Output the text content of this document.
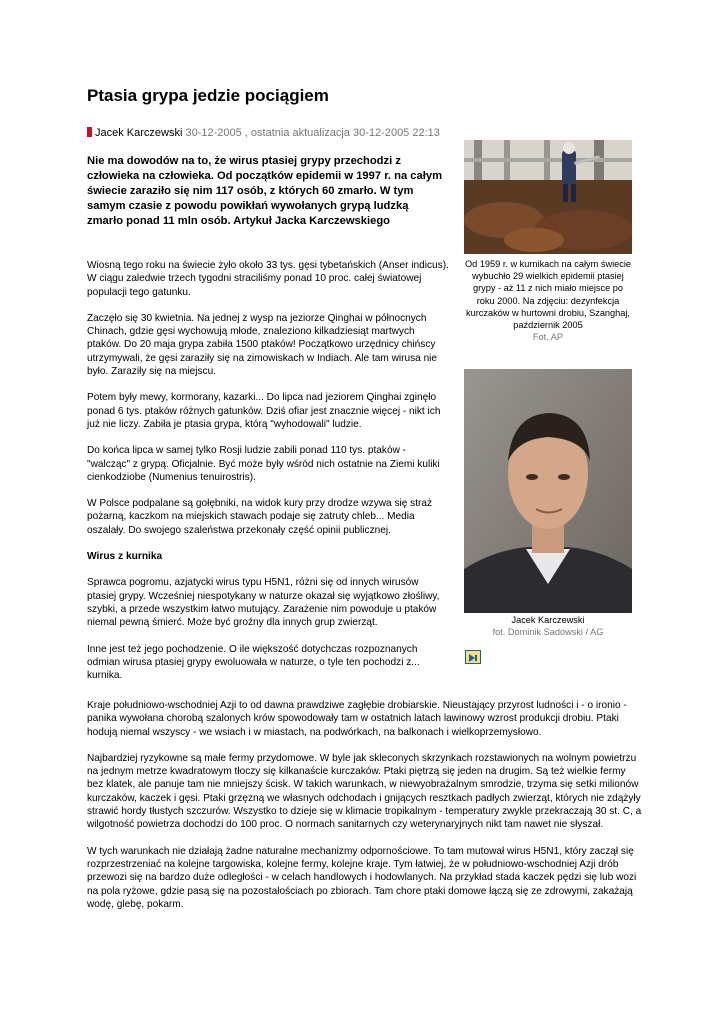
Ptasia grypa jedzie pociągiem
Jacek Karczewski 30-12-2005 , ostatnia aktualizacja 30-12-2005 22:13
Nie ma dowodów na to, że wirus ptasiej grypy przechodzi z człowieka na człowieka. Od początków epidemii w 1997 r. na całym świecie zaraziło się nim 117 osób, z których 60 zmarło. W tym samym czasie z powodu powikłań wywołanych grypą ludzką zmarło ponad 11 mln osób. Artykuł Jacka Karczewskiego

Wiosną tego roku na świecie żyło około 33 tys. gęsi tybetańskich (Anser indicus). W ciągu zaledwie trzech tygodni straciliśmy ponad 10 proc. całej światowej populacji tego gatunku.

Zaczęło się 30 kwietnia. Na jednej z wysp na jeziorze Qinghai w północnych Chinach, gdzie gęsi wychowują młode, znaleziono kilkadziesiąt martwych ptaków. Do 20 maja grypa zabiła 1500 ptaków! Początkowo urzędnicy chińscy utrzymywali, że gęsi zaraziły się na zimowiskach w Indiach. Ale tam wirusa nie było. Zaraziły się na miejscu.

Potem były mewy, kormorany, kazarki... Do lipca nad jeziorem Qinghai zginęło ponad 6 tys. ptaków różnych gatunków. Dziś ofiar jest znacznie więcej - nikt ich już nie liczy. Zabiła je ptasia grypa, którą "wyhodowali" ludzie.

Do końca lipca w samej tylko Rosji ludzie zabili ponad 110 tys. ptaków - "walcząc" z grypą. Oficjalnie. Być może były wśród nich ostatnie na Ziemi kuliki cienkodziobe (Numenius tenuirostris).

W Polsce podpalane są gołębniki, na widok kury przy drodze wzywa się straż pożarną, kaczkom na miejskich stawach podaje się zatruty chleb... Media oszalały. Do swojego szaleństwa przekonały część opinii publicznej.

Wirus z kurnika

Sprawca pogromu, azjatycki wirus typu H5N1, różni się od innych wirusów ptasiej grypy. Wcześniej niespotykany w naturze okazał się wyjątkowo złośliwy, szybki, a przede wszystkim łatwo mutujący. Zarażenie nim powoduje u ptaków niemal pewną śmierć. Może być groźny dla innych grup zwierząt.

Inne jest też jego pochodzenie. O ile większość dotychczas rozpoznanych odmian wirusa ptasiej grypy ewoluowała w naturze, o tyle ten pochodzi z... kurnika.

Kraje południowo-wschodniej Azji to od dawna prawdziwe zagłębie drobiarskie. Nieustający przyrost ludności i - o ironio - panika wywołana chorobą szalonych krów spowodowały tam w ostatnich latach lawinowy wzrost produkcji drobiu. Ptaki hodują niemal wszyscy - we wsiach i w miastach, na podwórkach, na balkonach i wielkoprzemysłowo.

Najbardziej ryzykowne są małe fermy przydomowe. W byle jak skleconych skrzynkach rozstawionych na wolnym powietrzu na jednym metrze kwadratowym tłoczy się kilkanaście kurczaków. Ptaki piętrzą się jeden na drugim. Są też wielkie fermy bez klatek, ale panuje tam nie mniejszy ścisk. W takich warunkach, w niewyobrażalnym smrodzie, trzyma się setki milionów kurczaków, kaczek i gęsi. Ptaki grzęzną we własnych odchodach i gnijących resztkach padłych zwierząt, których nie zdążyły strawić hordy tłustych szczurów. Wszystko to dzieje się w klimacie tropikalnym - temperatury zwykle przekraczają 30 st. C, a wilgotność powietrza dochodzi do 100 proc. O normach sanitarnych czy weterynaryjnych nikt tam nawet nie słyszał.

W tych warunkach nie działają żadne naturalne mechanizmy odpornościowe. To tam mutował wirus H5N1, który zaczął się rozprzestrzeniać na kolejne targowiska, kolejne fermy, kolejne kraje. Tym łatwiej, że w południowo-wschodniej Azji drób przewozi się na bardzo duże odległości - w celach handlowych i hodowlanych. Na przykład stada kaczek pędzi się lub wozi na pola ryżowe, gdzie pasą się na pozostałościach po zbiorach. Tam chore ptaki domowe łączą się ze zdrowymi, zakażają wodę, glebę, pokarm.

Od 1959 r. w kurnikach na całym świecie wybuchło 29 wielkich epidemii ptasiej grypy - aż 11 z nich miało miejsce po roku 2000. Na zdjęciu: dezynfekcja kurczaków w hurtowni drobiu, Szanghaj, październik 2005
Fot. AP
Jacek Karczewski
fot. Dominik Sadowski / AG
